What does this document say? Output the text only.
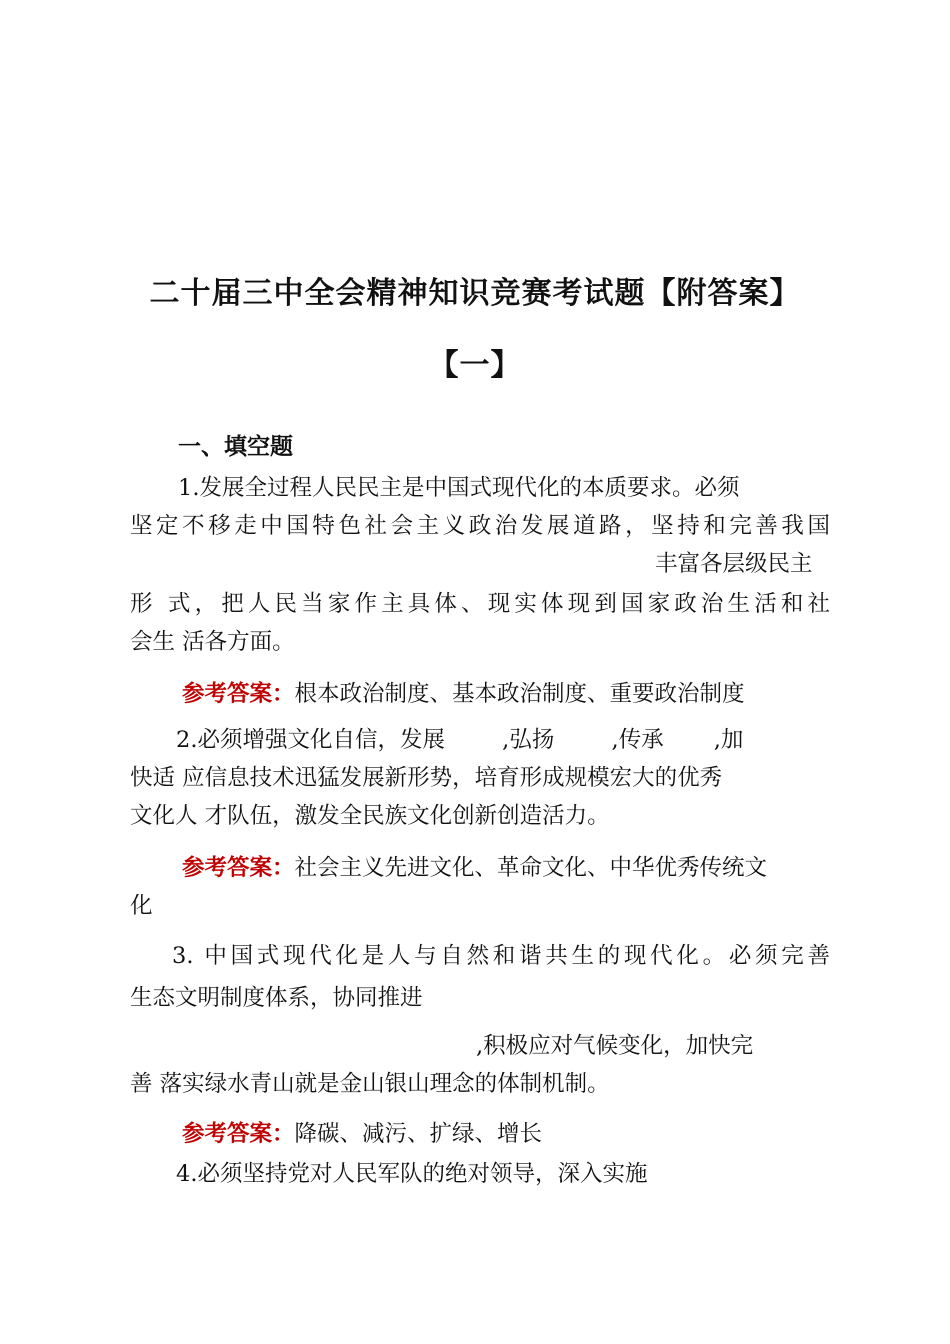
二十届三中全会精神知识竞赛考试题【附答案】
【一】
一、填空题
1.发展全过程人民民主是中国式现代化的本质要求。必须
坚定不移走中国特色社会主义政治发展道路，坚持和完善我国
丰富各层级民主
形 式，把人民当家作主具体、现实体现到国家政治生活和社
会生 活各方面。
参考答案：根本政治制度、基本政治制度、重要政治制度
2.必须增强文化自信，发展        ,弘扬        ,传承       ,加
快适 应信息技术迅猛发展新形势，培育形成规模宏大的优秀
文化人 才队伍，激发全民族文化创新创造活力。
参考答案：社会主义先进文化、革命文化、中华优秀传统文
化
3. 中国式现代化是人与自然和谐共生的现代化。必须完善
生态文明制度体系，协同推进
,积极应对气候变化，加快完
善 落实绿水青山就是金山银山理念的体制机制。
参考答案：降碳、减污、扩绿、增长
4.必须坚持党对人民军队的绝对领导，深入实施
